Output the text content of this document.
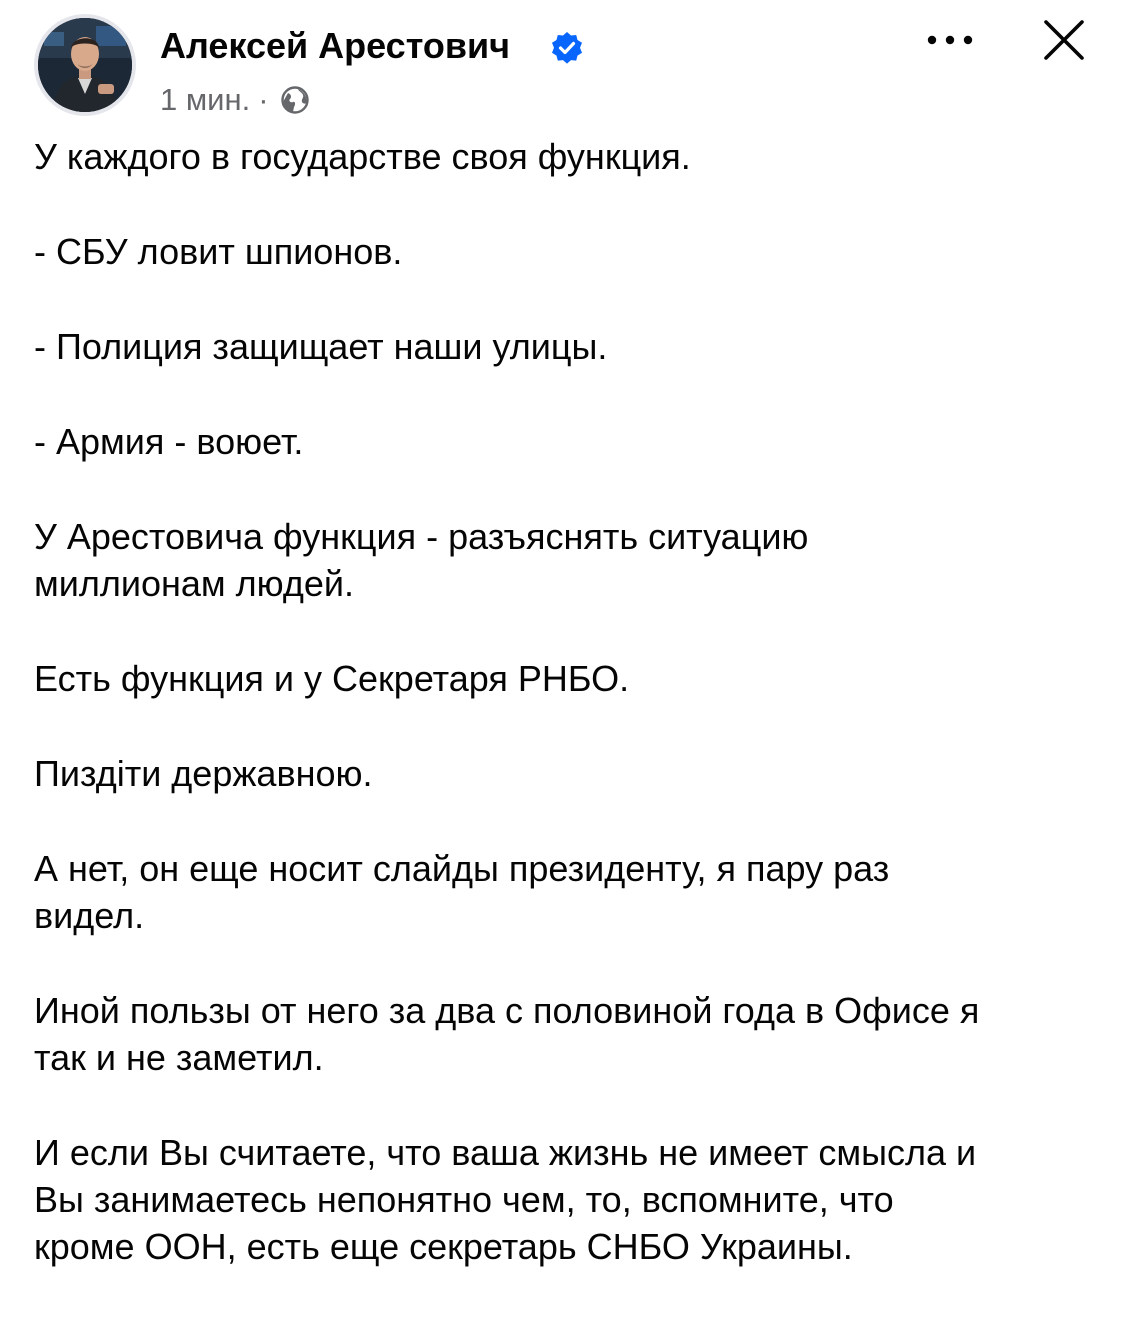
Алексей Арестович
1 мин. ·

У каждого в государстве своя функция.

- СБУ ловит шпионов.

- Полиция защищает наши улицы.

- Армия - воюет.

У Арестовича функция - разъяснять ситуацию
миллионам людей.

Есть функция и у Секретаря РНБО.

Пиздіти державною.

А нет, он еще носит слайды президенту, я пару раз
видел.

Иной пользы от него за два с половиной года в Офисе я
так и не заметил.

И если Вы считаете, что ваша жизнь не имеет смысла и
Вы занимаетесь непонятно чем, то, вспомните, что
кроме ООН, есть еще секретарь СНБО Украины.
